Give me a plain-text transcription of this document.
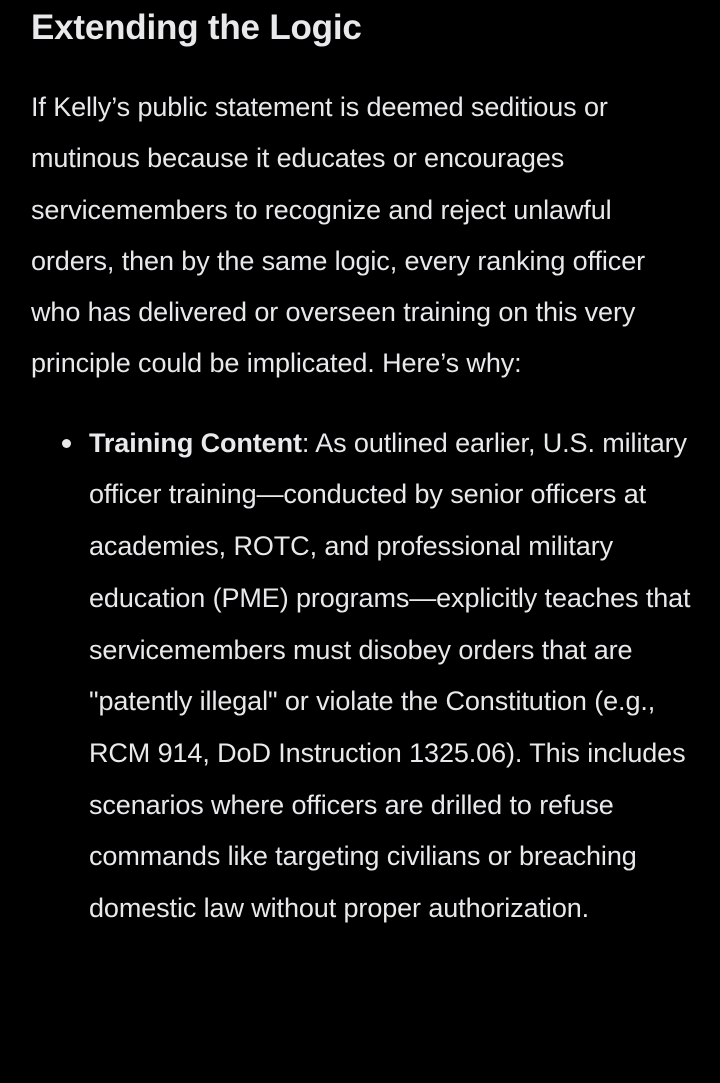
Extending the Logic

If Kelly’s public statement is deemed seditious or mutinous because it educates or encourages servicemembers to recognize and reject unlawful orders, then by the same logic, every ranking officer who has delivered or overseen training on this very principle could be implicated. Here’s why:

Training Content: As outlined earlier, U.S. military officer training—conducted by senior officers at academies, ROTC, and professional military education (PME) programs—explicitly teaches that servicemembers must disobey orders that are "patently illegal" or violate the Constitution (e.g., RCM 914, DoD Instruction 1325.06). This includes scenarios where officers are drilled to refuse commands like targeting civilians or breaching domestic law without proper authorization.
